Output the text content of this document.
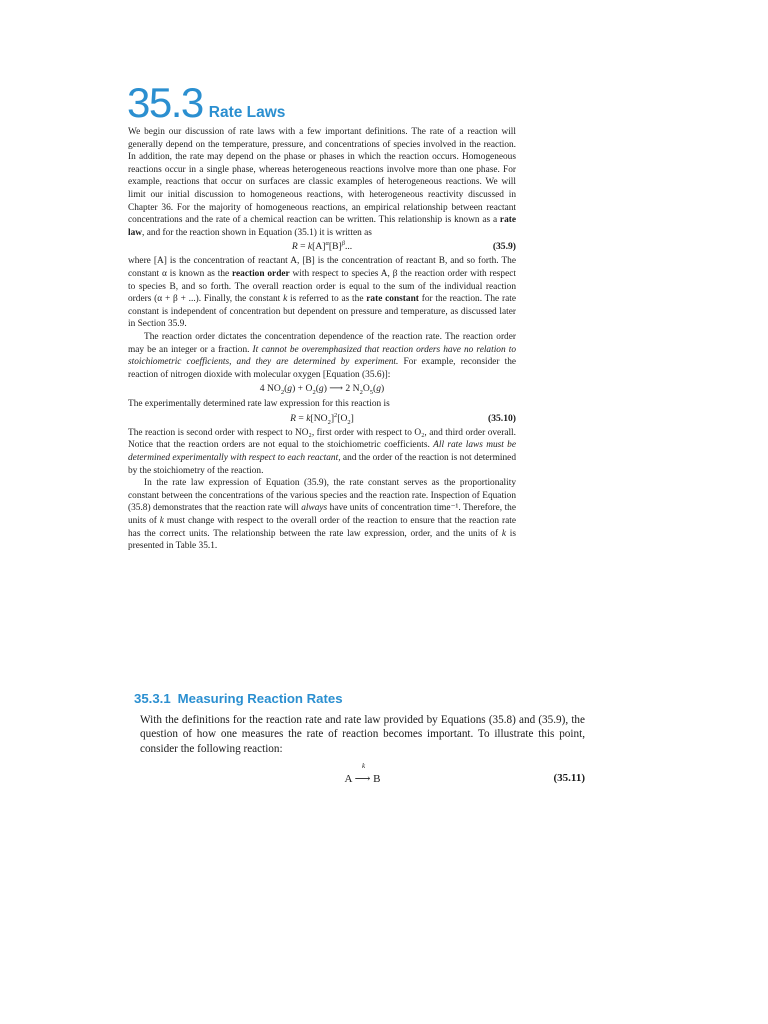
35.3 Rate Laws

We begin our discussion of rate laws with a few important definitions. The rate of a reaction will generally depend on the temperature, pressure, and concentrations of species involved in the reaction. In addition, the rate may depend on the phase or phases in which the reaction occurs. Homogeneous reactions occur in a single phase, whereas heterogeneous reactions involve more than one phase. For example, reactions that occur on surfaces are classic examples of heterogeneous reactions. We will limit our initial discussion to homogeneous reactions, with heterogeneous reactivity discussed in Chapter 36. For the majority of homogeneous reactions, an empirical relationship between reactant concentrations and the rate of a chemical reaction can be written. This relationship is known as a rate law, and for the reaction shown in Equation (35.1) it is written as

$R = k[A]^\alpha[B]^\beta$...	(35.9)

where [A] is the concentration of reactant A, [B] is the concentration of reactant B, and so forth. The constant α is known as the reaction order with respect to species A, β the reaction order with respect to species B, and so forth. The overall reaction order is equal to the sum of the individual reaction orders (α + β + ...). Finally, the constant k is referred to as the rate constant for the reaction. The rate constant is independent of concentration but dependent on pressure and temperature, as discussed later in Section 35.9.

The reaction order dictates the concentration dependence of the reaction rate. The reaction order may be an integer or a fraction. It cannot be overemphasized that reaction orders have no relation to stoichiometric coefficients, and they are determined by experiment. For example, reconsider the reaction of nitrogen dioxide with molecular oxygen [Equation (35.6)]:

4 $NO_2(g) + O_2(g)$ ⟶ 2 $N_2O_5(g)$

The experimentally determined rate law expression for this reaction is

$R = k[NO_2]^2[O_2]$	(35.10)

The reaction is second order with respect to NO₂, first order with respect to O₂, and third order overall. Notice that the reaction orders are not equal to the stoichiometric coefficients. All rate laws must be determined experimentally with respect to each reactant, and the order of the reaction is not determined by the stoichiometry of the reaction.

In the rate law expression of Equation (35.9), the rate constant serves as the proportionality constant between the concentrations of the various species and the reaction rate. Inspection of Equation (35.8) demonstrates that the reaction rate will always have units of concentration time⁻¹. Therefore, the units of k must change with respect to the overall order of the reaction to ensure that the reaction rate has the correct units. The relationship between the rate law expression, order, and the units of k is presented in Table 35.1.

35.3.1 Measuring Reaction Rates

With the definitions for the reaction rate and rate law provided by Equations (35.8) and (35.9), the question of how one measures the rate of reaction becomes important. To illustrate this point, consider the following reaction:

k
A ⟶ B	(35.11)
